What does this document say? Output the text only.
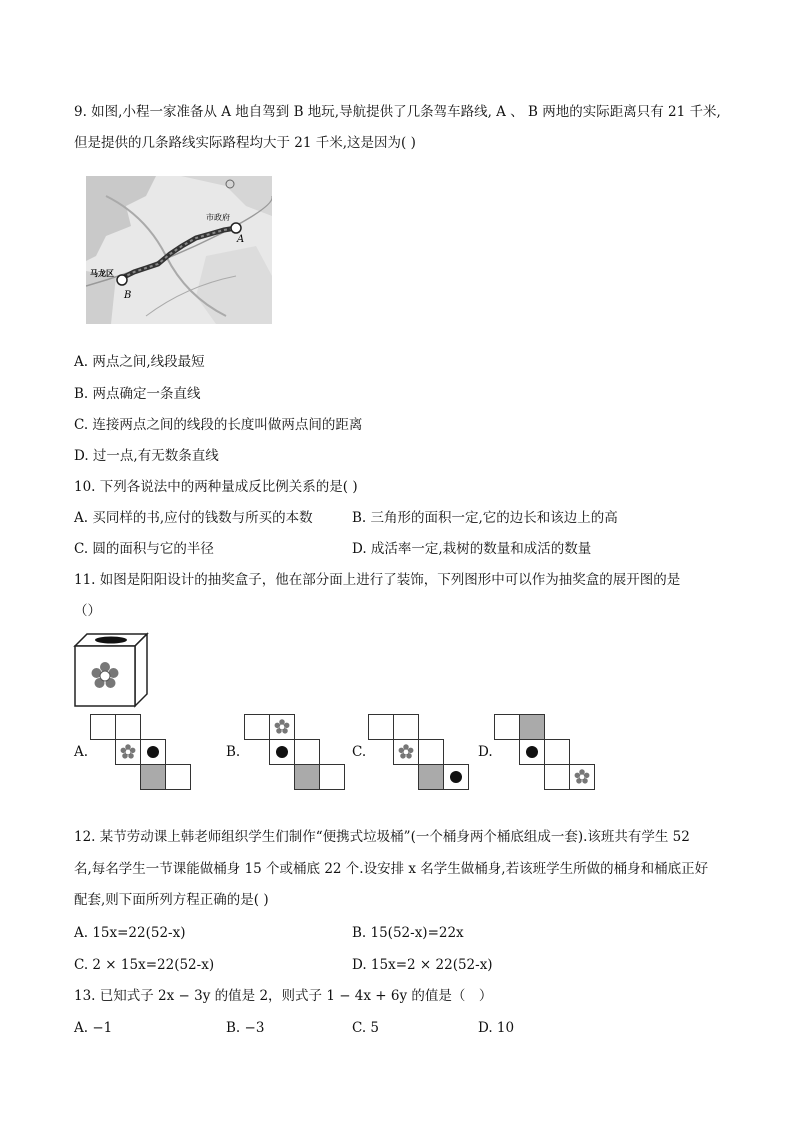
9. 如图,小程一家准备从 A 地自驾到 B 地玩,导航提供了几条驾车路线, A 、 B 两地的实际距离只有 21 千米,
但是提供的几条路线实际路程均大于 21 千米,这是因为( )
市政府
马龙区
A
B
A. 两点之间,线段最短
B. 两点确定一条直线
C. 连接两点之间的线段的长度叫做两点间的距离
D. 过一点,有无数条直线
10. 下列各说法中的两种量成反比例关系的是( )
A. 买同样的书,应付的钱数与所买的本数	B. 三角形的面积一定,它的边长和该边上的高
C. 圆的面积与它的半径	D. 成活率一定,栽树的数量和成活的数量
11. 如图是阳阳设计的抽奖盒子，他在部分面上进行了装饰，下列图形中可以作为抽奖盒的展开图的是
（）
A.	B.	C.	D.
12. 某节劳动课上韩老师组织学生们制作“便携式垃圾桶”(一个桶身两个桶底组成一套).该班共有学生 52
名,每名学生一节课能做桶身 15 个或桶底 22 个.设安排 x 名学生做桶身,若该班学生所做的桶身和桶底正好
配套,则下面所列方程正确的是( )
A. 15x=22(52-x)	B. 15(52-x)=22x
C. 2 × 15x=22(52-x)	D. 15x=2 × 22(52-x)
13. 已知式子 2x − 3y 的值是 2，则式子 1 − 4x + 6y 的值是（　）
A. −1	B. −3	C. 5	D. 10
